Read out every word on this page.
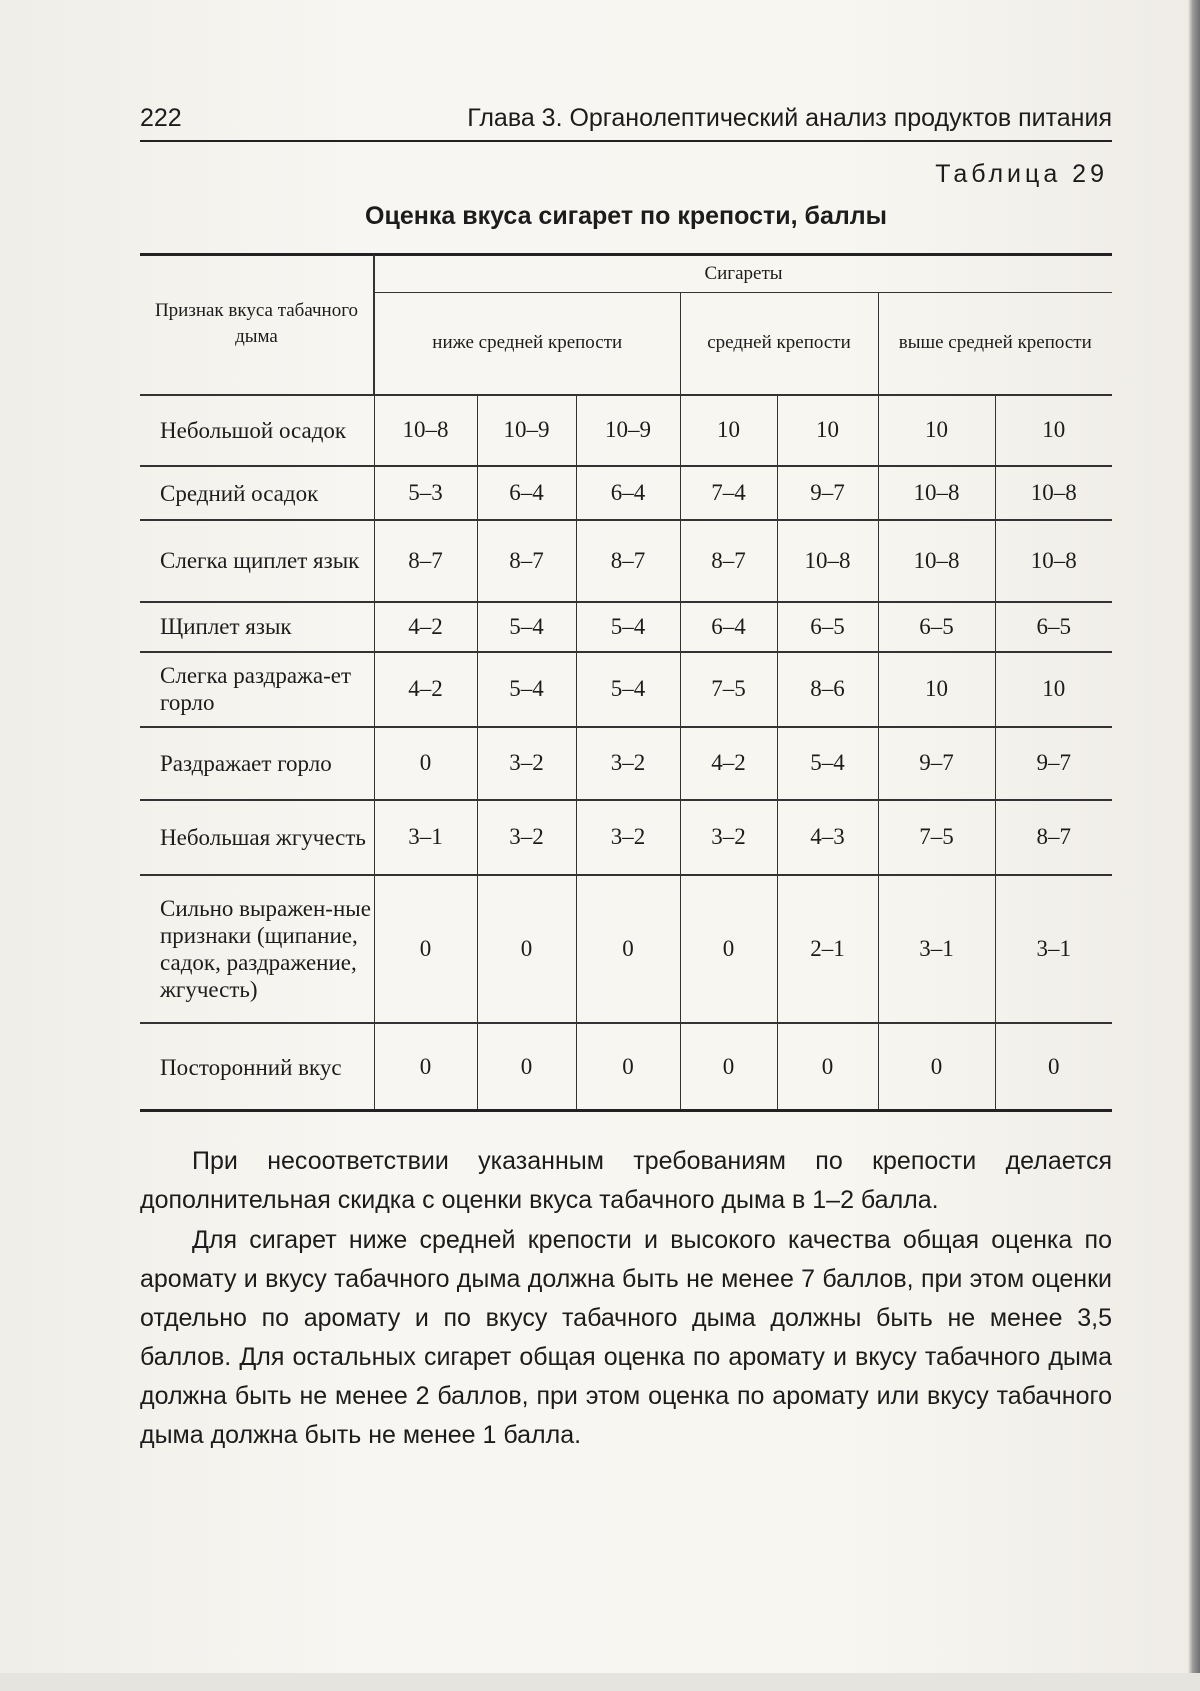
222	Глава 3. Органолептический анализ продуктов питания
Таблица 29
Оценка вкуса сигарет по крепости, баллы
Признак вкуса табачного дыма	Сигареты						
	ниже средней крепости			средней крепости		выше средней крепости	
Небольшой осадок	10–8	10–9	10–9	10	10	10	10
Средний осадок	5–3	6–4	6–4	7–4	9–7	10–8	10–8
Слегка щиплет язык	8–7	8–7	8–7	8–7	10–8	10–8	10–8
Щиплет язык	4–2	5–4	5–4	6–4	6–5	6–5	6–5
Слегка раздража-ет горло	4–2	5–4	5–4	7–5	8–6	10	10
Раздражает горло	0	3–2	3–2	4–2	5–4	9–7	9–7
Небольшая жгучесть	3–1	3–2	3–2	3–2	4–3	7–5	8–7
Сильно выражен-ные признаки (щипание, садок, раздражение, жгучесть)	0	0	0	0	2–1	3–1	3–1
Посторонний вкус	0	0	0	0	0	0	0
При несоответствии указанным требованиям по крепости делается дополнительная скидка с оценки вкуса табачного дыма в 1–2 балла.
Для сигарет ниже средней крепости и высокого качества общая оценка по аромату и вкусу табачного дыма должна быть не менее 7 баллов, при этом оценки отдельно по аромату и по вкусу табачного дыма должны быть не менее 3,5 баллов. Для остальных сигарет общая оценка по аромату и вкусу табачного дыма должна быть не менее 2 баллов, при этом оценка по аромату или вкусу табачного дыма должна быть не менее 1 балла.
